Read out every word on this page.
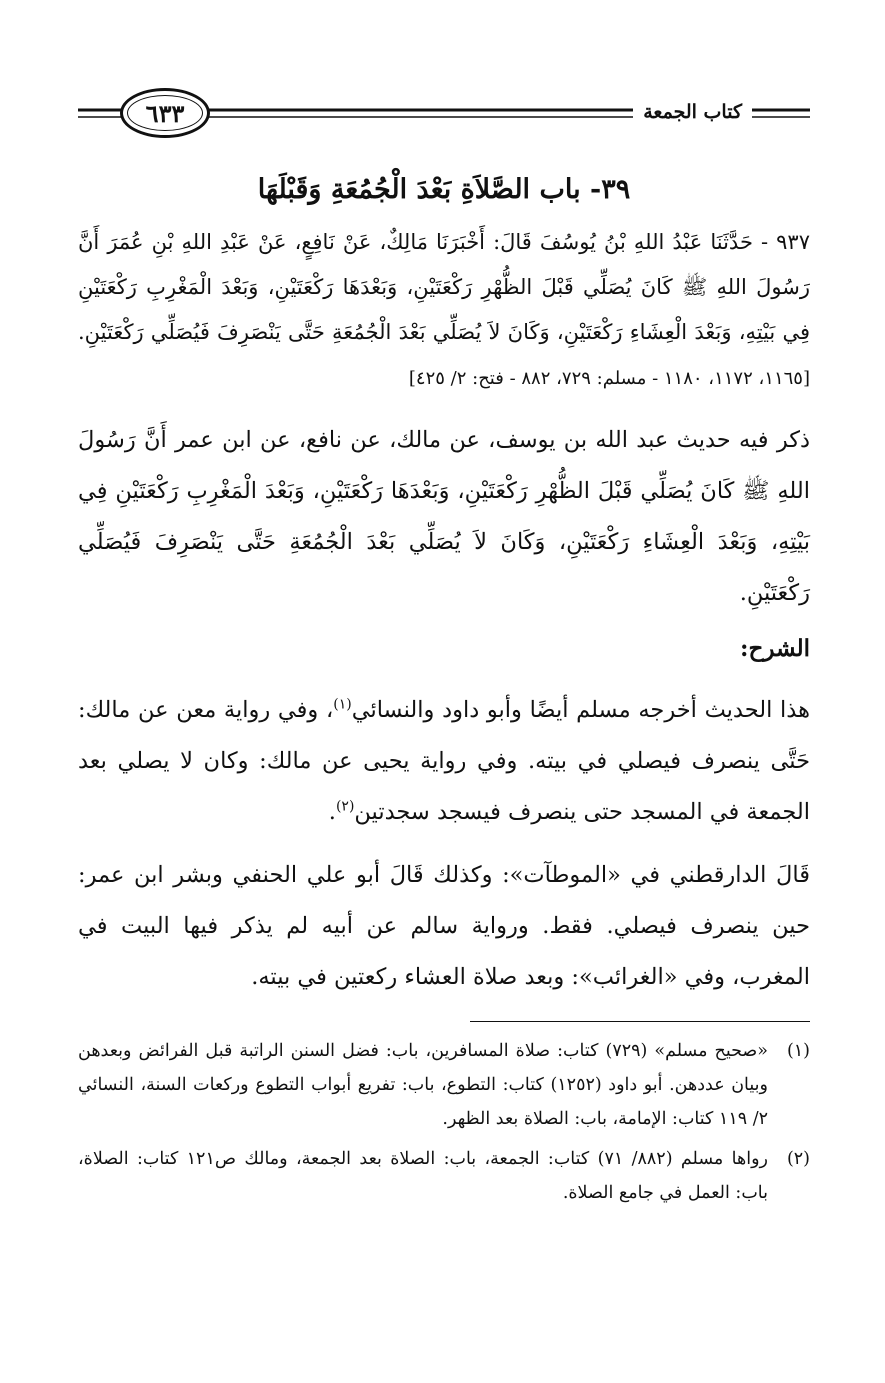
كتاب الجمعة
٦٣٣
٣٩- باب الصَّلاَةِ بَعْدَ الْجُمُعَةِ وَقَبْلَهَا

٩٣٧ - حَدَّثَنَا عَبْدُ اللهِ بْنُ يُوسُفَ قَالَ: أَخْبَرَنَا مَالِكٌ، عَنْ نَافِعٍ، عَنْ عَبْدِ اللهِ بْنِ عُمَرَ أَنَّ رَسُولَ اللهِ ﷺ كَانَ يُصَلِّي قَبْلَ الظُّهْرِ رَكْعَتَيْنِ، وَبَعْدَهَا رَكْعَتَيْنِ، وَبَعْدَ الْمَغْرِبِ رَكْعَتَيْنِ فِي بَيْتِهِ، وَبَعْدَ الْعِشَاءِ رَكْعَتَيْنِ، وَكَانَ لاَ يُصَلِّي بَعْدَ الْجُمُعَةِ حَتَّى يَنْصَرِفَ فَيُصَلِّي رَكْعَتَيْنِ. [١١٦٥، ١١٧٢، ١١٨٠ - مسلم: ٧٢٩، ٨٨٢ - فتح: ٢/ ٤٢٥]

ذكر فيه حديث عبد الله بن يوسف، عن مالك، عن نافع، عن ابن عمر أَنَّ رَسُولَ اللهِ ﷺ كَانَ يُصَلِّي قَبْلَ الظُّهْرِ رَكْعَتَيْنِ، وَبَعْدَهَا رَكْعَتَيْنِ، وَبَعْدَ الْمَغْرِبِ رَكْعَتَيْنِ فِي بَيْتِهِ، وَبَعْدَ الْعِشَاءِ رَكْعَتَيْنِ، وَكَانَ لاَ يُصَلِّي بَعْدَ الْجُمُعَةِ حَتَّى يَنْصَرِفَ فَيُصَلِّي رَكْعَتَيْنِ.

الشرح:

هذا الحديث أخرجه مسلم أيضًا وأبو داود والنسائي$^{(١)}$، وفي رواية معن عن مالك: حَتَّى ينصرف فيصلي في بيته. وفي رواية يحيى عن مالك: وكان لا يصلي بعد الجمعة في المسجد حتى ينصرف فيسجد سجدتين$^{(٢)}$.

قَالَ الدارقطني في «الموطآت»: وكذلك قَالَ أبو علي الحنفي وبشر ابن عمر: حين ينصرف فيصلي. فقط. ورواية سالم عن أبيه لم يذكر فيها البيت في المغرب، وفي «الغرائب»: وبعد صلاة العشاء ركعتين في بيته.

(١)
«صحيح مسلم» (٧٢٩) كتاب: صلاة المسافرين، باب: فضل السنن الراتبة قبل الفرائض وبعدهن وبيان عددهن. أبو داود (١٢٥٢) كتاب: التطوع، باب: تفريع أبواب التطوع وركعات السنة، النسائي ٢/ ١١٩ كتاب: الإمامة، باب: الصلاة بعد الظهر.
(٢)
رواها مسلم (٨٨٢/ ٧١) كتاب: الجمعة، باب: الصلاة بعد الجمعة، ومالك ص١٢١ كتاب: الصلاة، باب: العمل في جامع الصلاة.
